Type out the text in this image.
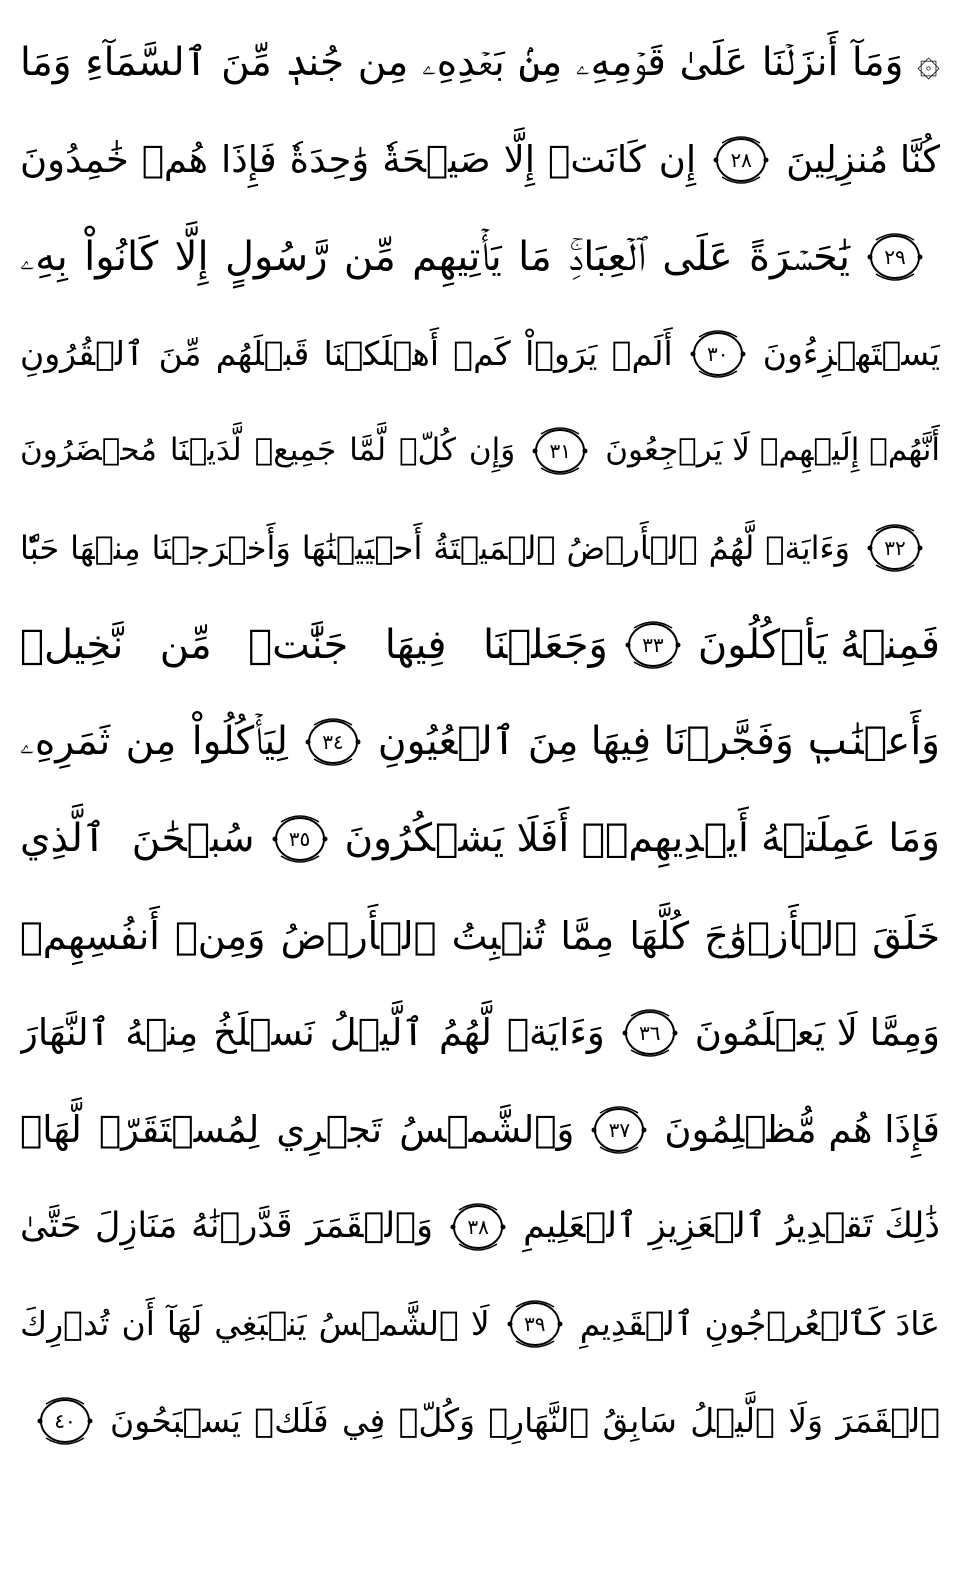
۞ وَمَآ أَنزَلۡنَا عَلَىٰ قَوۡمِهِۦ مِنۢ بَعۡدِهِۦ مِن جُندٖ مِّنَ ٱلسَّمَآءِ وَمَا
كُنَّا مُنزِلِينَ
٢٨
إِن كَانَتۡ إِلَّا صَيۡحَةٗ وَٰحِدَةٗ فَإِذَا هُمۡ خَٰمِدُونَ
٢٩
يَٰحَسۡرَةً عَلَى ٱلۡعِبَادِۚ مَا يَأۡتِيهِم مِّن رَّسُولٍ إِلَّا كَانُواْ بِهِۦ
يَسۡتَهۡزِءُونَ
٣٠
أَلَمۡ يَرَوۡاْ كَمۡ أَهۡلَكۡنَا قَبۡلَهُم مِّنَ ٱلۡقُرُونِ
أَنَّهُمۡ إِلَيۡهِمۡ لَا يَرۡجِعُونَ
٣١
وَإِن كُلّٞ لَّمَّا جَمِيعٞ لَّدَيۡنَا مُحۡضَرُونَ
٣٢
وَءَايَةٞ لَّهُمُ ٱلۡأَرۡضُ ٱلۡمَيۡتَةُ أَحۡيَيۡنَٰهَا وَأَخۡرَجۡنَا مِنۡهَا حَبّٗا
فَمِنۡهُ يَأۡكُلُونَ
٣٣
وَجَعَلۡنَا فِيهَا جَنَّٰتٖ مِّن نَّخِيلٖ
وَأَعۡنَٰبٖ وَفَجَّرۡنَا فِيهَا مِنَ ٱلۡعُيُونِ
٣٤
لِيَأۡكُلُواْ مِن ثَمَرِهِۦ
وَمَا عَمِلَتۡهُ أَيۡدِيهِمۡۚ أَفَلَا يَشۡكُرُونَ
٣٥
سُبۡحَٰنَ ٱلَّذِي
خَلَقَ ٱلۡأَزۡوَٰجَ كُلَّهَا مِمَّا تُنۢبِتُ ٱلۡأَرۡضُ وَمِنۡ أَنفُسِهِمۡ
وَمِمَّا لَا يَعۡلَمُونَ
٣٦
وَءَايَةٞ لَّهُمُ ٱلَّيۡلُ نَسۡلَخُ مِنۡهُ ٱلنَّهَارَ
فَإِذَا هُم مُّظۡلِمُونَ
٣٧
وَٱلشَّمۡسُ تَجۡرِي لِمُسۡتَقَرّٖ لَّهَاۚ
ذَٰلِكَ تَقۡدِيرُ ٱلۡعَزِيزِ ٱلۡعَلِيمِ
٣٨
وَٱلۡقَمَرَ قَدَّرۡنَٰهُ مَنَازِلَ حَتَّىٰ
عَادَ كَٱلۡعُرۡجُونِ ٱلۡقَدِيمِ
٣٩
لَا ٱلشَّمۡسُ يَنۢبَغِي لَهَآ أَن تُدۡرِكَ
ٱلۡقَمَرَ وَلَا ٱلَّيۡلُ سَابِقُ ٱلنَّهَارِۚ وَكُلّٞ فِي فَلَكٖ يَسۡبَحُونَ
٤٠
